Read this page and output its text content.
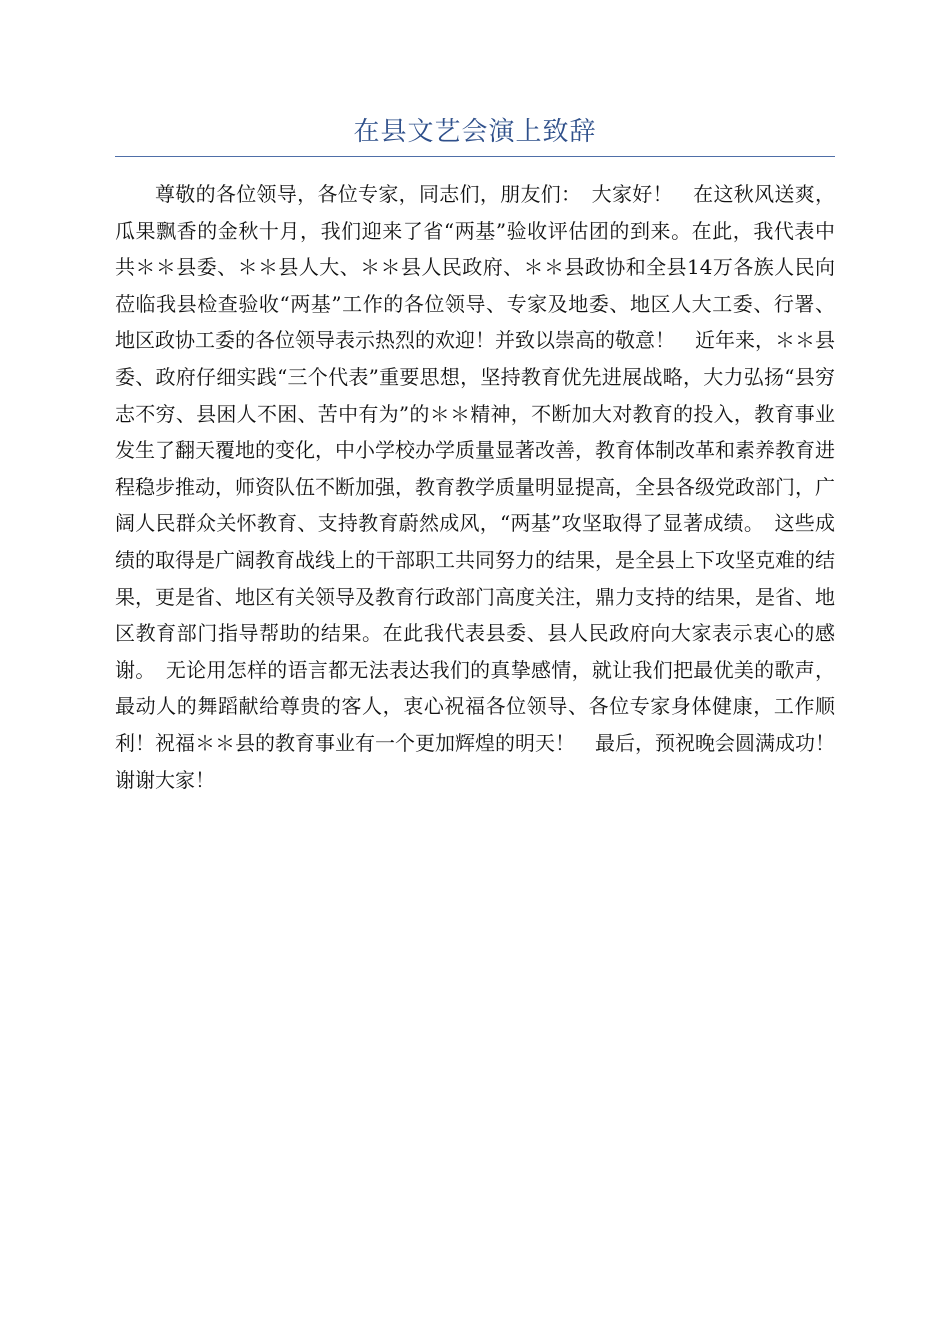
在县文艺会演上致辞

尊敬的各位领导，各位专家，同志们，朋友们：　大家好！　在这秋风送爽，瓜果飘香的金秋十月，我们迎来了省“两基”验收评估团的到来。在此，我代表中共＊＊县委、＊＊县人大、＊＊县人民政府、＊＊县政协和全县14万各族人民向莅临我县检查验收“两基”工作的各位领导、专家及地委、地区人大工委、行署、地区政协工委的各位领导表示热烈的欢迎！并致以崇高的敬意！　近年来，＊＊县委、政府仔细实践“三个代表”重要思想，坚持教育优先进展战略，大力弘扬“县穷志不穷、县困人不困、苦中有为”的＊＊精神，不断加大对教育的投入，教育事业发生了翻天覆地的变化，中小学校办学质量显著改善，教育体制改革和素养教育进程稳步推动，师资队伍不断加强，教育教学质量明显提高，全县各级党政部门，广阔人民群众关怀教育、支持教育蔚然成风，“两基”攻坚取得了显著成绩。　这些成绩的取得是广阔教育战线上的干部职工共同努力的结果，是全县上下攻坚克难的结果，更是省、地区有关领导及教育行政部门高度关注，鼎力支持的结果，是省、地区教育部门指导帮助的结果。在此我代表县委、县人民政府向大家表示衷心的感谢。　无论用怎样的语言都无法表达我们的真挚感情，就让我们把最优美的歌声，最动人的舞蹈献给尊贵的客人，衷心祝福各位领导、各位专家身体健康，工作顺利！祝福＊＊县的教育事业有一个更加辉煌的明天！　最后，预祝晚会圆满成功！　谢谢大家！
